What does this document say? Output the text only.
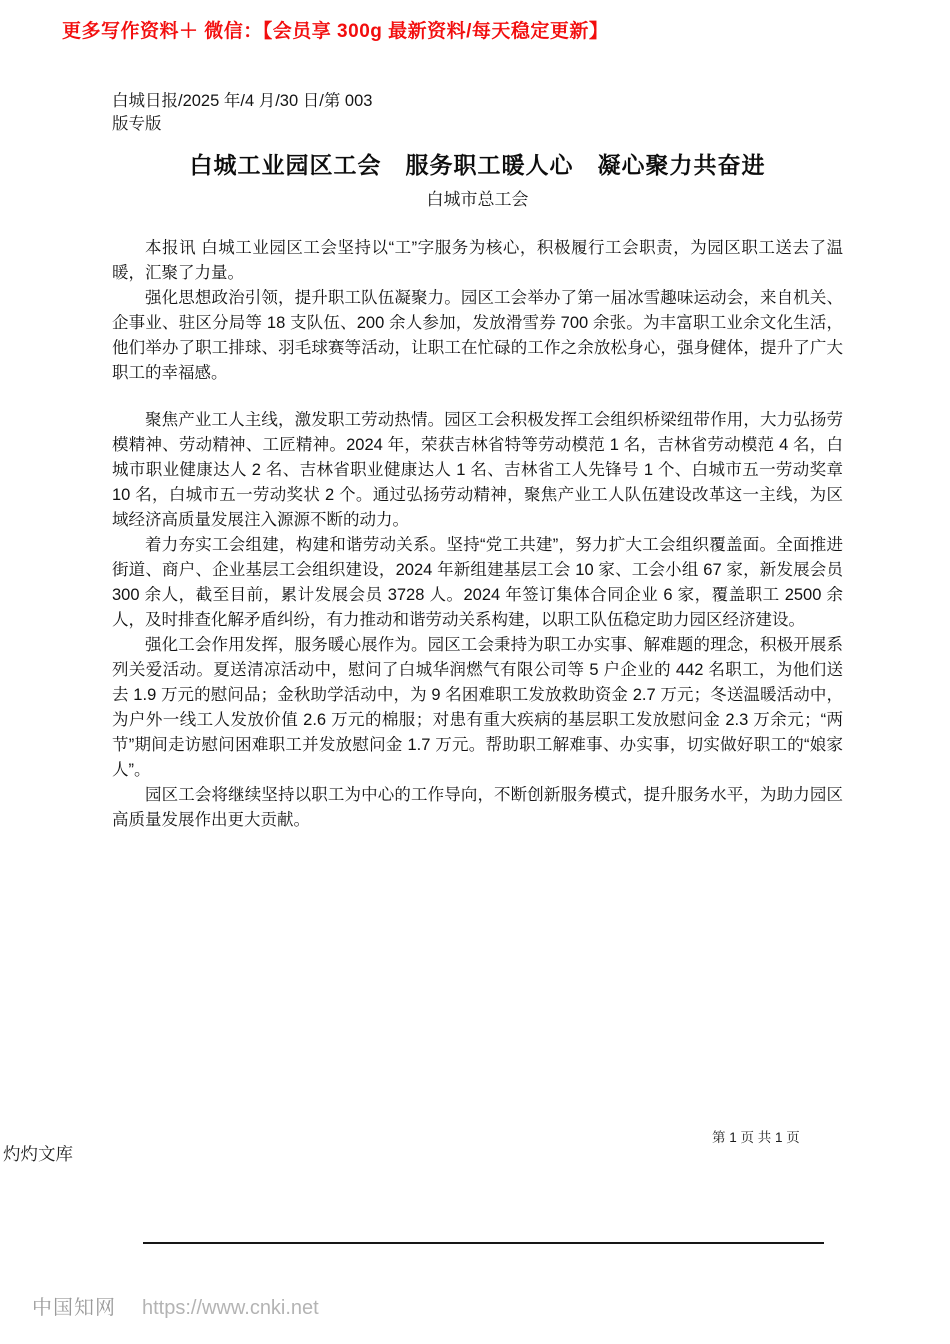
更多写作资料＋ 微信：【会员享 300g 最新资料/每天稳定更新】
白城日报/2025 年/4 月/30 日/第 003
版专版
白城工业园区工会　服务职工暖人心　凝心聚力共奋进
白城市总工会

本报讯 白城工业园区工会坚持以“工”字服务为核心，积极履行工会职责，为园区职工送去了温暖，汇聚了力量。

强化思想政治引领，提升职工队伍凝聚力。园区工会举办了第一届冰雪趣味运动会，来自机关、企事业、驻区分局等 18 支队伍、200 余人参加，发放滑雪券 700 余张。为丰富职工业余文化生活，他们举办了职工排球、羽毛球赛等活动，让职工在忙碌的工作之余放松身心，强身健体，提升了广大职工的幸福感。

聚焦产业工人主线，激发职工劳动热情。园区工会积极发挥工会组织桥梁纽带作用，大力弘扬劳模精神、劳动精神、工匠精神。2024 年，荣获吉林省特等劳动模范 1 名，吉林省劳动模范 4 名，白城市职业健康达人 2 名、吉林省职业健康达人 1 名、吉林省工人先锋号 1 个、白城市五一劳动奖章 10 名，白城市五一劳动奖状 2 个。通过弘扬劳动精神，聚焦产业工人队伍建设改革这一主线，为区域经济高质量发展注入源源不断的动力。

着力夯实工会组建，构建和谐劳动关系。坚持“党工共建”，努力扩大工会组织覆盖面。全面推进街道、商户、企业基层工会组织建设，2024 年新组建基层工会 10 家、工会小组 67 家，新发展会员 300 余人，截至目前，累计发展会员 3728 人。2024 年签订集体合同企业 6 家，覆盖职工 2500 余人，及时排查化解矛盾纠纷，有力推动和谐劳动关系构建，以职工队伍稳定助力园区经济建设。

强化工会作用发挥，服务暖心展作为。园区工会秉持为职工办实事、解难题的理念，积极开展系列关爱活动。夏送清凉活动中，慰问了白城华润燃气有限公司等 5 户企业的 442 名职工，为他们送去 1.9 万元的慰问品；金秋助学活动中，为 9 名困难职工发放救助资金 2.7 万元；冬送温暖活动中，为户外一线工人发放价值 2.6 万元的棉服；对患有重大疾病的基层职工发放慰问金 2.3 万余元；“两节”期间走访慰问困难职工并发放慰问金 1.7 万元。帮助职工解难事、办实事，切实做好职工的“娘家人”。

园区工会将继续坚持以职工为中心的工作导向，不断创新服务模式，提升服务水平，为助力园区高质量发展作出更大贡献。

第 1 页 共 1 页
灼灼文库
中国知网 https://www.cnki.net
